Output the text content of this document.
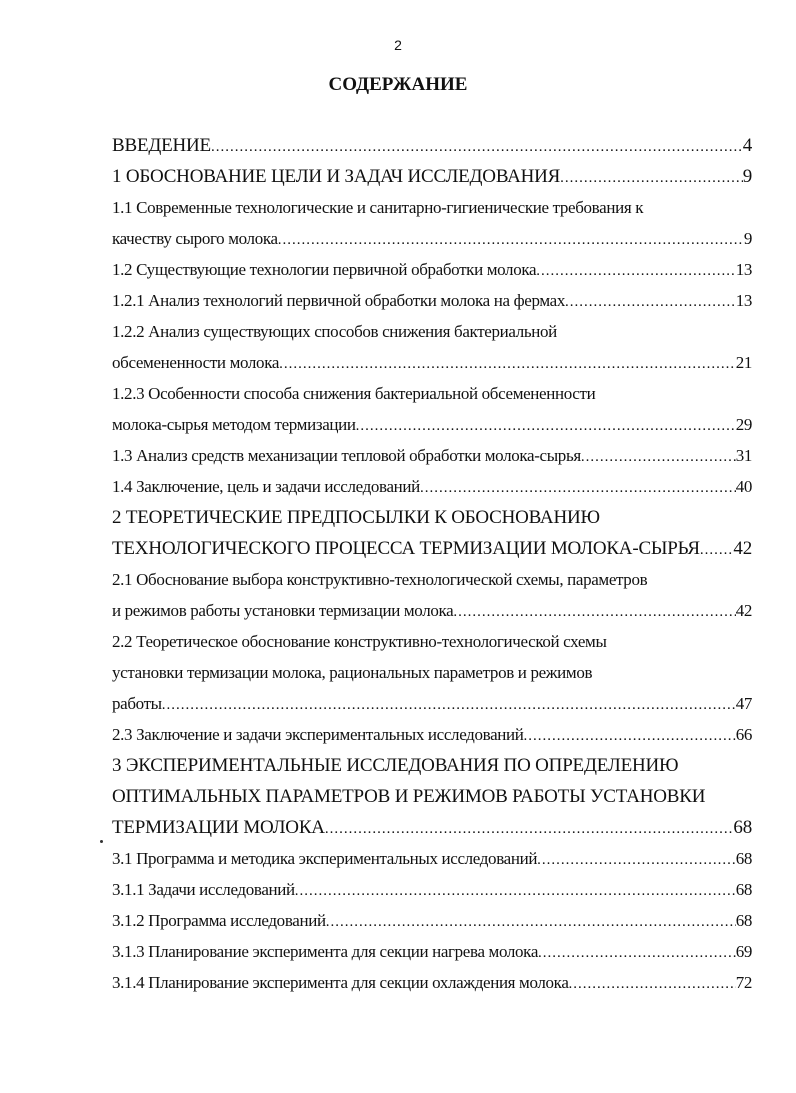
2
СОДЕРЖАНИЕ
ВВЕДЕНИЕ .....	4
1 ОБОСНОВАНИЕ ЦЕЛИ И ЗАДАЧ ИССЛЕДОВАНИЯ .....	9
1.1 Современные технологические и санитарно-гигиенические требования к
качеству сырого молока .....	9
1.2 Существующие технологии первичной обработки молока .....	13
1.2.1 Анализ технологий первичной обработки молока на фермах .....	13
1.2.2 Анализ существующих способов снижения бактериальной
обсемененности молока .....	21
1.2.3 Особенности способа снижения бактериальной обсемененности
молока-сырья методом термизации .....	29
1.3 Анализ средств механизации тепловой обработки молока-сырья .....	31
1.4 Заключение, цель и задачи исследований .....	40
2 ТЕОРЕТИЧЕСКИЕ ПРЕДПОСЫЛКИ К ОБОСНОВАНИЮ
ТЕХНОЛОГИЧЕСКОГО ПРОЦЕССА ТЕРМИЗАЦИИ МОЛОКА-СЫРЬЯ ..... 42
2.1 Обоснование выбора конструктивно-технологической схемы, параметров
и режимов работы установки термизации молока .....	42
2.2 Теоретическое обоснование конструктивно-технологической схемы
установки термизации молока, рациональных параметров и режимов
работы .....	47
2.3 Заключение и задачи экспериментальных исследований .....	66
3 ЭКСПЕРИМЕНТАЛЬНЫЕ ИССЛЕДОВАНИЯ ПО ОПРЕДЕЛЕНИЮ
ОПТИМАЛЬНЫХ ПАРАМЕТРОВ И РЕЖИМОВ РАБОТЫ УСТАНОВКИ
ТЕРМИЗАЦИИ МОЛОКА .....	68
3.1 Программа и методика экспериментальных исследований .....	68
3.1.1 Задачи исследований .....	68
3.1.2 Программа исследований .....	68
3.1.3 Планирование эксперимента для секции нагрева молока .....	69
3.1.4 Планирование эксперимента для секции охлаждения молока .....	72
